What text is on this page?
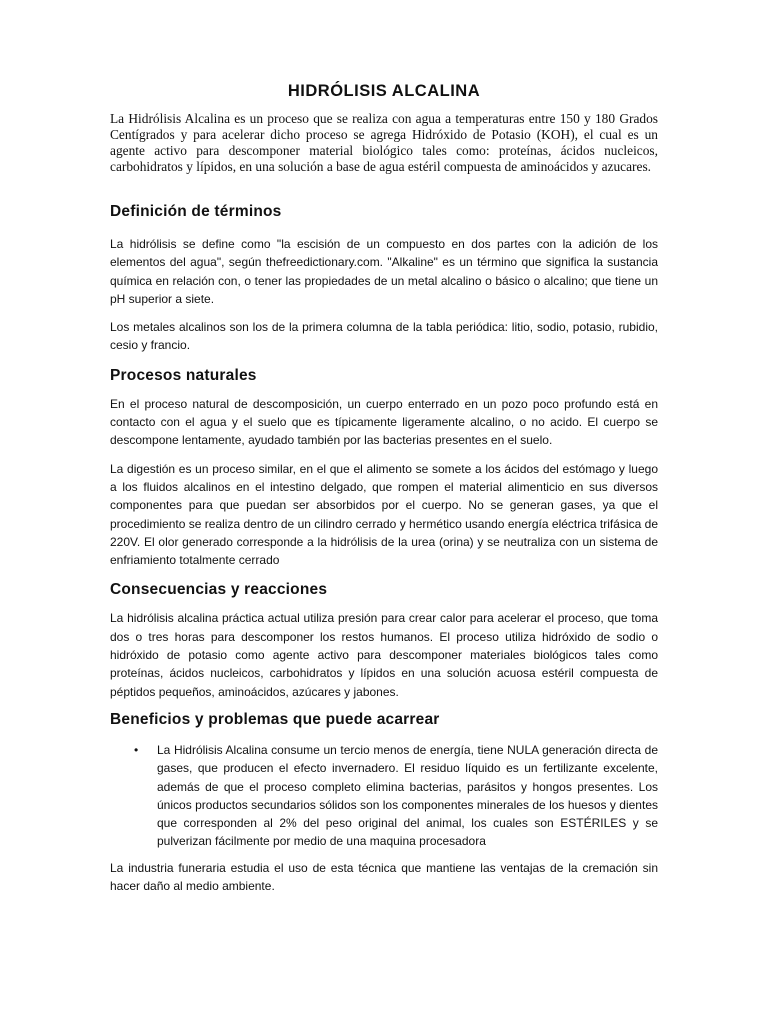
HIDRÓLISIS ALCALINA

La Hidrólisis Alcalina es un proceso que se realiza con agua a temperaturas entre 150 y 180 Grados Centígrados y para acelerar dicho proceso se agrega Hidróxido de Potasio (KOH), el cual es un agente activo para descomponer material biológico tales como: proteínas, ácidos nucleicos, carbohidratos y lípidos, en una solución a base de agua estéril compuesta de aminoácidos y azucares.

Definición de términos

La hidrólisis se define como "la escisión de un compuesto en dos partes con la adición de los elementos del agua", según thefreedictionary.com. "Alkaline" es un término que significa la sustancia química en relación con, o tener las propiedades de un metal alcalino o básico o alcalino; que tiene un pH superior a siete.

Los metales alcalinos son los de la primera columna de la tabla periódica: litio, sodio, potasio, rubidio, cesio y francio.

Procesos naturales

En el proceso natural de descomposición, un cuerpo enterrado en un pozo poco profundo está en contacto con el agua y el suelo que es típicamente ligeramente alcalino, o no acido. El cuerpo se descompone lentamente, ayudado también por las bacterias presentes en el suelo.

La digestión es un proceso similar, en el que el alimento se somete a los ácidos del estómago y luego a los fluidos alcalinos en el intestino delgado, que rompen el material alimenticio en sus diversos componentes para que puedan ser absorbidos por el cuerpo. No se generan gases, ya que el procedimiento se realiza dentro de un cilindro cerrado y hermético usando energía eléctrica trifásica de 220V. El olor generado corresponde a la hidrólisis de la urea (orina) y se neutraliza con un sistema de enfriamiento totalmente cerrado

Consecuencias y reacciones

La hidrólisis alcalina práctica actual utiliza presión para crear calor para acelerar el proceso, que toma dos o tres horas para descomponer los restos humanos. El proceso utiliza hidróxido de sodio o hidróxido de potasio como agente activo para descomponer materiales biológicos tales como proteínas, ácidos nucleicos, carbohidratos y lípidos en una solución acuosa estéril compuesta de péptidos pequeños, aminoácidos, azúcares y jabones.

Beneficios y problemas que puede acarrear
• La Hidrólisis Alcalina consume un tercio menos de energía, tiene NULA generación directa de gases, que producen el efecto invernadero. El residuo líquido es un fertilizante excelente, además de que el proceso completo elimina bacterias, parásitos y hongos presentes. Los únicos productos secundarios sólidos son los componentes minerales de los huesos y dientes que corresponden al 2% del peso original del animal, los cuales son ESTÉRILES y se pulverizan fácilmente por medio de una maquina procesadora

La industria funeraria estudia el uso de esta técnica que mantiene las ventajas de la cremación sin hacer daño al medio ambiente.
